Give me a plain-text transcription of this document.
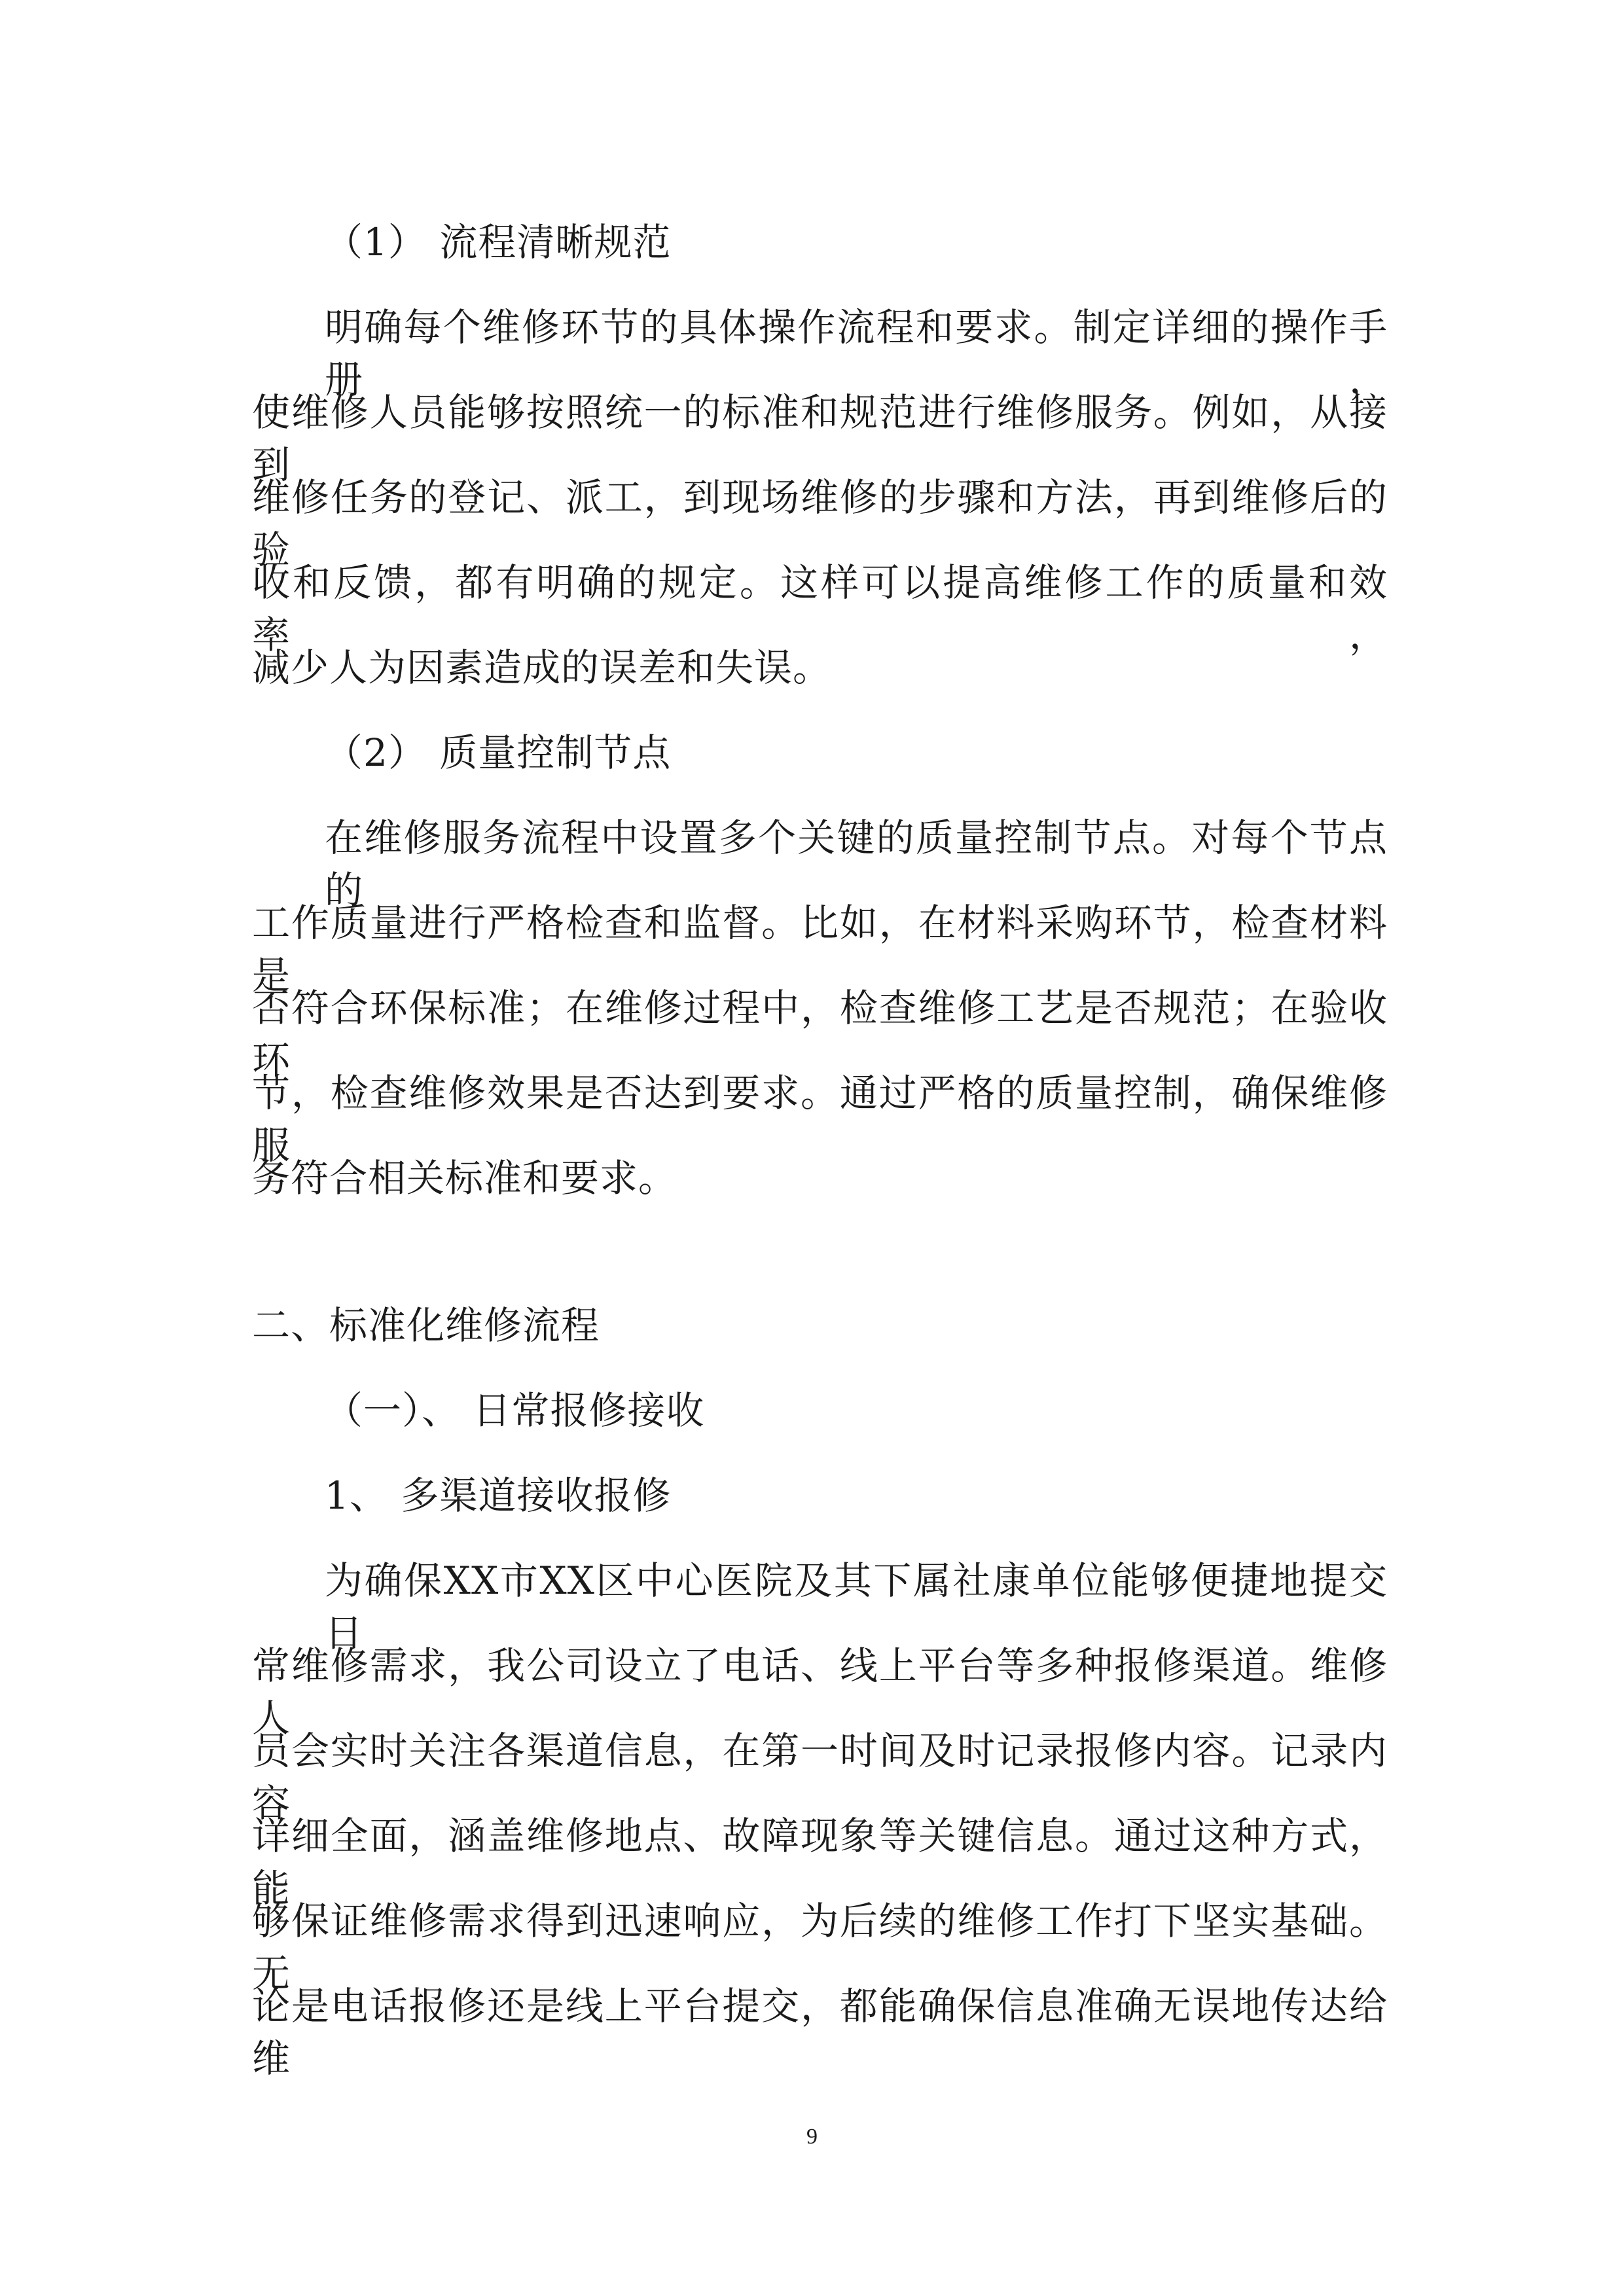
（1） 流程清晰规范
明确每个维修环节的具体操作流程和要求。制定详细的操作手册，
使维修人员能够按照统一的标准和规范进行维修服务。例如，从接到
维修任务的登记、派工，到现场维修的步骤和方法，再到维修后的验
收和反馈，都有明确的规定。这样可以提高维修工作的质量和效率，
减少人为因素造成的误差和失误。
（2） 质量控制节点
在维修服务流程中设置多个关键的质量控制节点。对每个节点的
工作质量进行严格检查和监督。比如，在材料采购环节，检查材料是
否符合环保标准；在维修过程中，检查维修工艺是否规范；在验收环
节，检查维修效果是否达到要求。通过严格的质量控制，确保维修服
务符合相关标准和要求。
二、标准化维修流程
（一）、 日常报修接收
1、 多渠道接收报修
为确保XX市XX区中心医院及其下属社康单位能够便捷地提交日
常维修需求，我公司设立了电话、线上平台等多种报修渠道。维修人
员会实时关注各渠道信息，在第一时间及时记录报修内容。记录内容
详细全面，涵盖维修地点、故障现象等关键信息。通过这种方式，能
够保证维修需求得到迅速响应，为后续的维修工作打下坚实基础。无
论是电话报修还是线上平台提交，都能确保信息准确无误地传达给维
9
